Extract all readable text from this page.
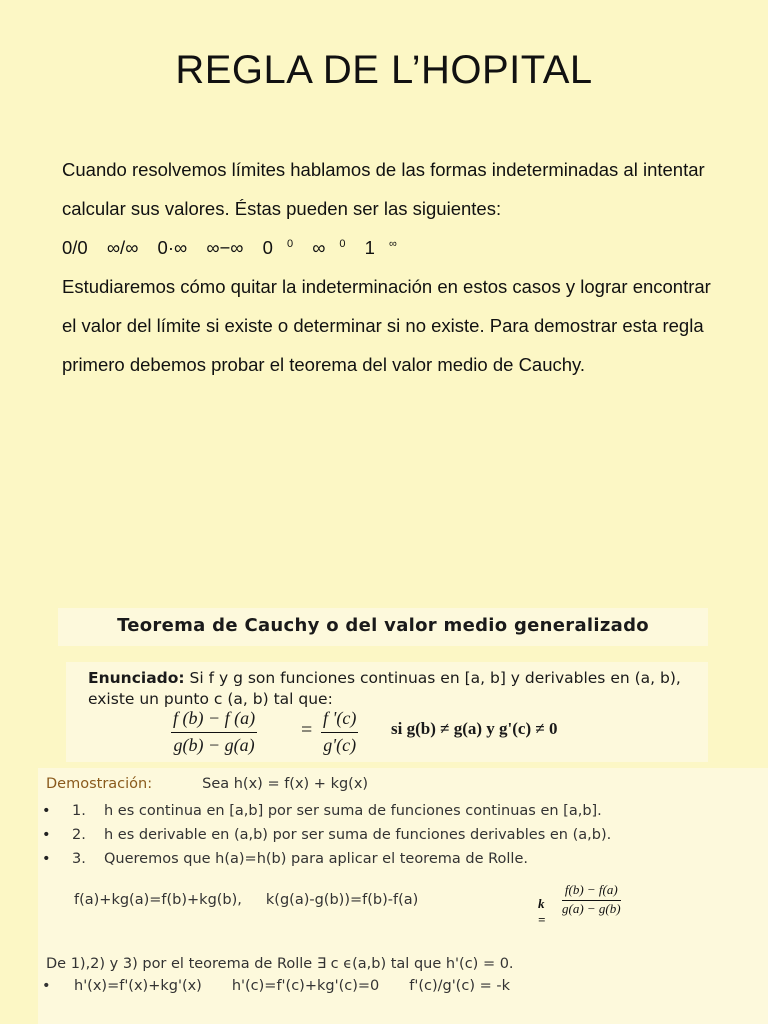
REGLA DE L’HOPITAL

Cuando resolvemos límites hablamos de las formas indeterminadas al intentar calcular sus valores. Éstas pueden ser las siguientes:

0/0 ∞/∞ 0·∞ ∞−∞ 0 $^0$ ∞ $^0$ 1 ∞

Estudiaremos cómo quitar la indeterminación en estos casos y lograr encontrar el valor del límite si existe o determinar si no existe. Para demostrar esta regla primero debemos probar el teorema del valor medio de Cauchy.

Teorema de Cauchy o del valor medio generalizado
Enunciado: Si f y g son funciones continuas en [a, b] y derivables en (a, b), existe un punto c (a, b) tal que:
$\frac{f (b) - f (a)}{g(b) - g(a)} = \frac{f '(c)}{g'(c)}$ si g(b) ≠ g(a) y g'(c) ≠ 0
Demostración:	Sea h(x) = f(x) + kg(x)
• 1. h es continua en [a,b] por ser suma de funciones continuas en [a,b].
• 2. h es derivable en (a,b) por ser suma de funciones derivables en (a,b).
• 3. Queremos que h(a)=h(b) para aplicar el teorema de Rolle.
f(a)+kg(a)=f(b)+kg(b), k(g(a)-g(b))=f(b)-f(a)	k =
$\frac{f(b) - f(a)}{g(a) - g(b)}$
De 1),2) y 3) por el teorema de Rolle ∃ c ϵ(a,b) tal que h'(c) = 0.
• h'(x)=f'(x)+kg'(x) h'(c)=f'(c)+kg'(c)=0 f'(c)/g'(c) = -k
